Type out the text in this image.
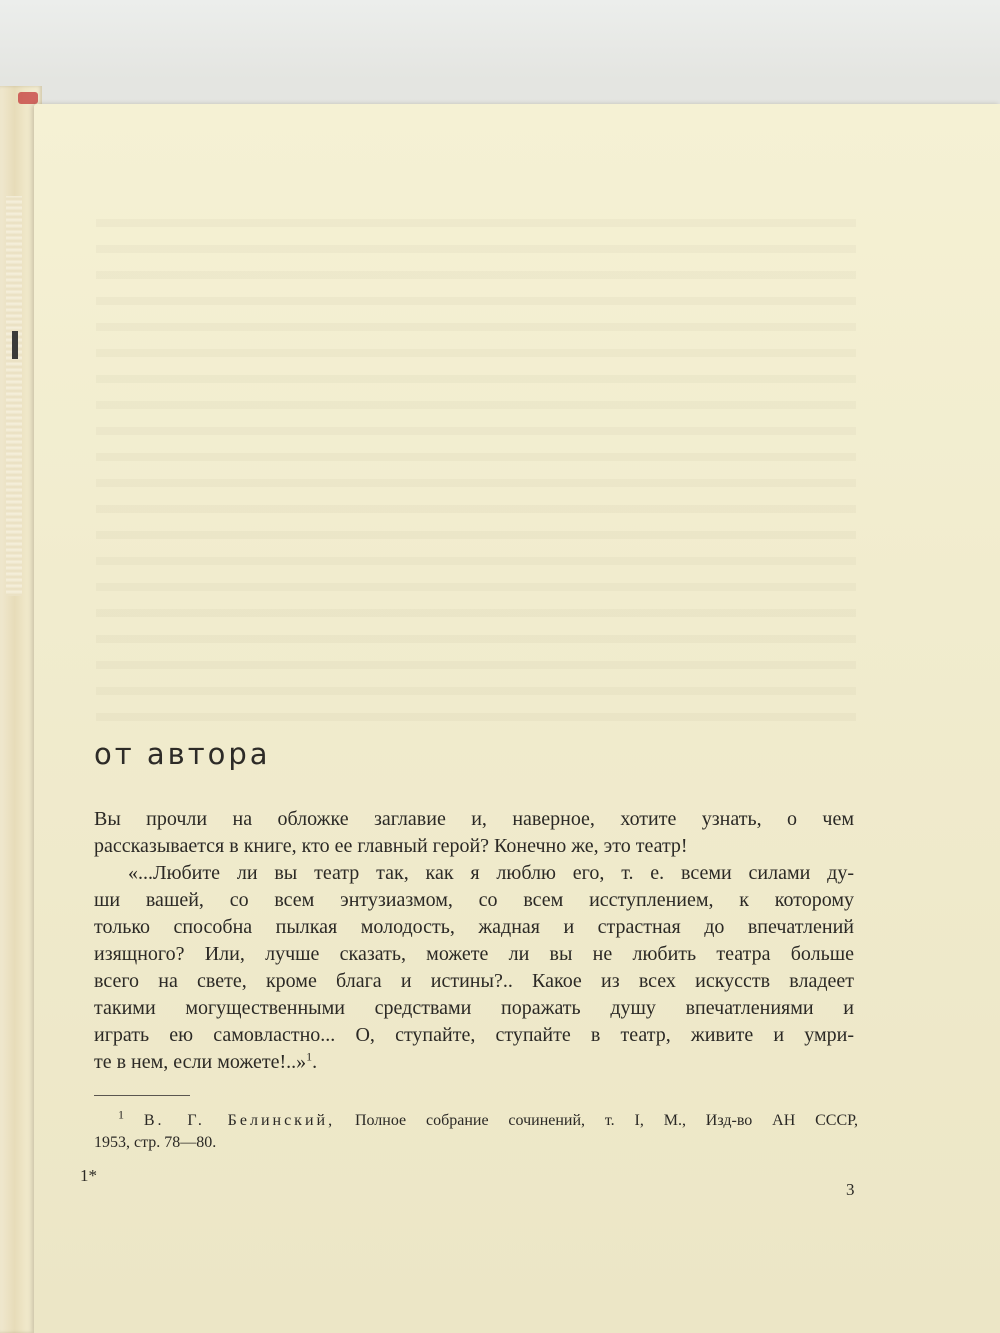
от автора
Вы прочли на обложке заглавие и, наверное, хотите узнать, о чем
рассказывается в книге, кто ее главный герой? Конечно же, это театр!
«...Любите ли вы театр так, как я люблю его, т. е. всеми силами ду-
ши вашей, со всем энтузиазмом, со всем исступлением, к которому
только способна пылкая молодость, жадная и страстная до впечатлений
изящного? Или, лучше сказать, можете ли вы не любить театра больше
всего на свете, кроме блага и истины?.. Какое из всех искусств владеет
такими могущественными средствами поражать душу впечатлениями и
играть ею самовластно... О, ступайте, ступайте в театр, живите и умри-
те в нем, если можете!..»$^1$.
$^1$ В. Г. Белинский, Полное собрание сочинений, т. I, М., Изд-во АН СССР,
1953, стр. 78—80.
1*
3
